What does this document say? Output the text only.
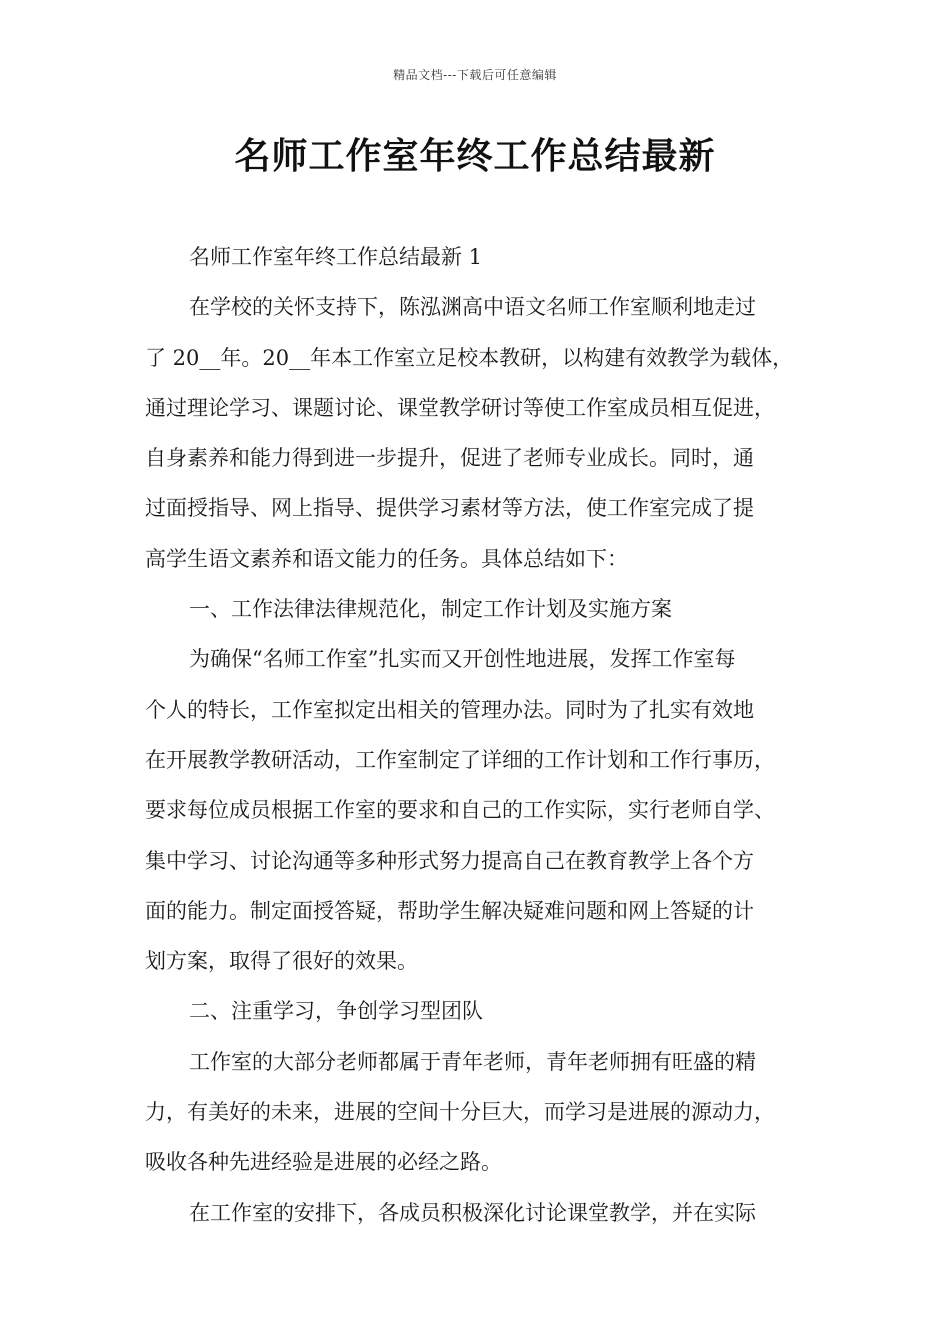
精品文档---下载后可任意编辑
名师工作室年终工作总结最新
名师工作室年终工作总结最新 1
在学校的关怀支持下，陈泓渊高中语文名师工作室顺利地走过
了 20__年。20__年本工作室立足校本教研，以构建有效教学为载体，
通过理论学习、课题讨论、课堂教学研讨等使工作室成员相互促进，
自身素养和能力得到进一步提升，促进了老师专业成长。同时，通
过面授指导、网上指导、提供学习素材等方法，使工作室完成了提
高学生语文素养和语文能力的任务。具体总结如下：
一、工作法律法律规范化，制定工作计划及实施方案
为确保“名师工作室”扎实而又开创性地进展，发挥工作室每
个人的特长，工作室拟定出相关的管理办法。同时为了扎实有效地
在开展教学教研活动，工作室制定了详细的工作计划和工作行事历，
要求每位成员根据工作室的要求和自己的工作实际，实行老师自学、
集中学习、讨论沟通等多种形式努力提高自己在教育教学上各个方
面的能力。制定面授答疑，帮助学生解决疑难问题和网上答疑的计
划方案，取得了很好的效果。
二、注重学习，争创学习型团队
工作室的大部分老师都属于青年老师，青年老师拥有旺盛的精
力，有美好的未来，进展的空间十分巨大，而学习是进展的源动力，
吸收各种先进经验是进展的必经之路。
在工作室的安排下，各成员积极深化讨论课堂教学，并在实际
